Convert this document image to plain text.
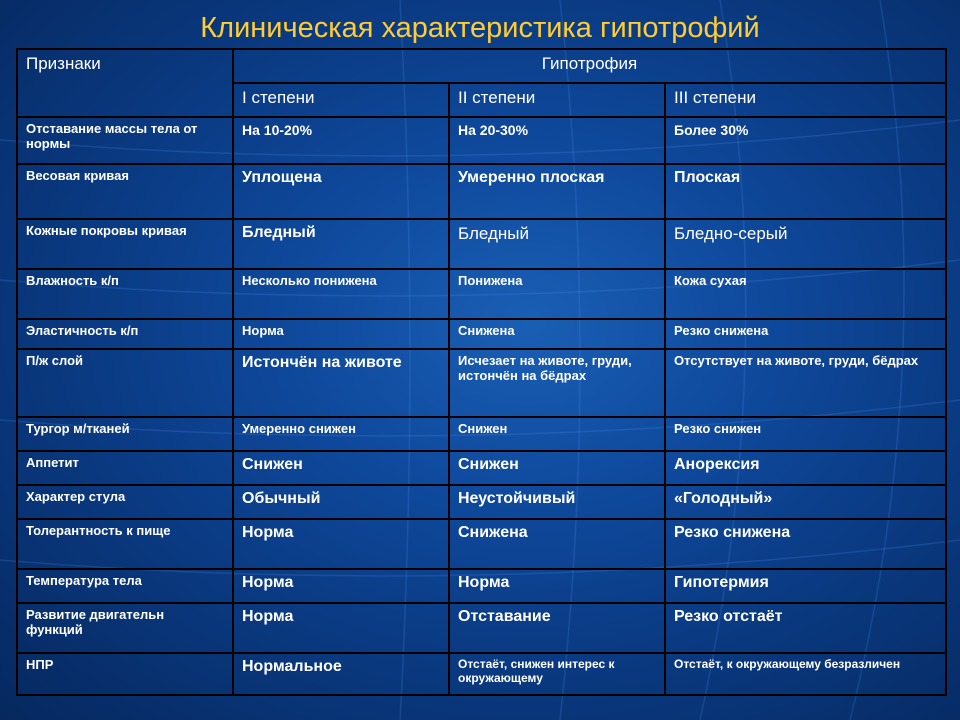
Клиническая характеристика гипотрофий
Признаки	Гипотрофия		
	I степени	II степени	III степени
Отставание массы тела от нормы	На 10-20%	На 20-30%	Более 30%
Весовая кривая	Уплощена	Умеренно плоская	Плоская
Кожные покровы кривая	Бледный	Бледный	Бледно-серый
Влажность к/п	Несколько понижена	Понижена	Кожа сухая
Эластичность к/п	Норма	Снижена	Резко снижена
П/ж слой	Истончён на животе	Исчезает на животе, груди, истончён на бёдрах	Отсутствует на животе, груди, бёдрах
Тургор м/тканей	Умеренно снижен	Снижен	Резко снижен
Аппетит	Снижен	Снижен	Анорексия
Характер стула	Обычный	Неустойчивый	«Голодный»
Толерантность к пище	Норма	Снижена	Резко снижена
Температура тела	Норма	Норма	Гипотермия
Развитие двигательн функций	Норма	Отставание	Резко отстаёт
НПР	Нормальное	Отстаёт, снижен интерес к окружающему	Отстаёт, к окружающему безразличен
